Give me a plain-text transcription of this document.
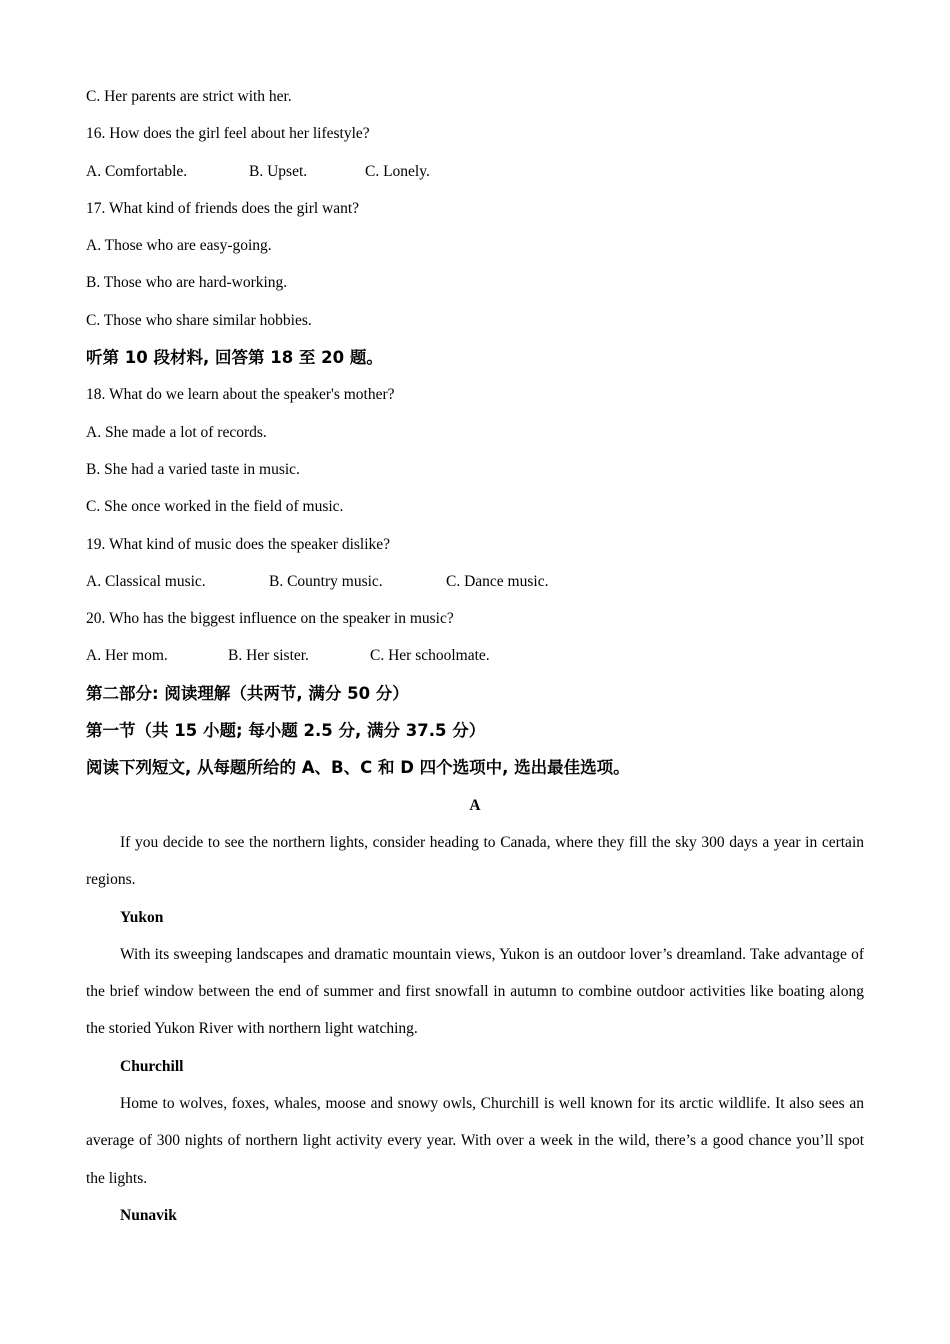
C. Her parents are strict with her.
16. How does the girl feel about her lifestyle?
A. Comfortable.	B. Upset.	C. Lonely.
17. What kind of friends does the girl want?
A. Those who are easy-going.
B. Those who are hard-working.
C. Those who share similar hobbies.
听第 10 段材料, 回答第 18 至 20 题。
18. What do we learn about the speaker's mother?
A. She made a lot of records.
B. She had a varied taste in music.
C. She once worked in the field of music.
19. What kind of music does the speaker dislike?
A. Classical music.	B. Country music.	C. Dance music.
20. Who has the biggest influence on the speaker in music?
A. Her mom.	B. Her sister.	C. Her schoolmate.
第二部分: 阅读理解（共两节, 满分 50 分）
第一节（共 15 小题; 每小题 2.5 分, 满分 37.5 分）
阅读下列短文, 从每题所给的 A、B、C 和 D 四个选项中, 选出最佳选项。
A

If you decide to see the northern lights, consider heading to Canada, where they fill the sky 300 days a year in certain regions.

Yukon

With its sweeping landscapes and dramatic mountain views, Yukon is an outdoor lover’s dreamland. Take advantage of the brief window between the end of summer and first snowfall in autumn to combine outdoor activities like boating along the storied Yukon River with northern light watching.

Churchill

Home to wolves, foxes, whales, moose and snowy owls, Churchill is well known for its arctic wildlife. It also sees an average of 300 nights of northern light activity every year. With over a week in the wild, there’s a good chance you’ll spot the lights.

Nunavik
